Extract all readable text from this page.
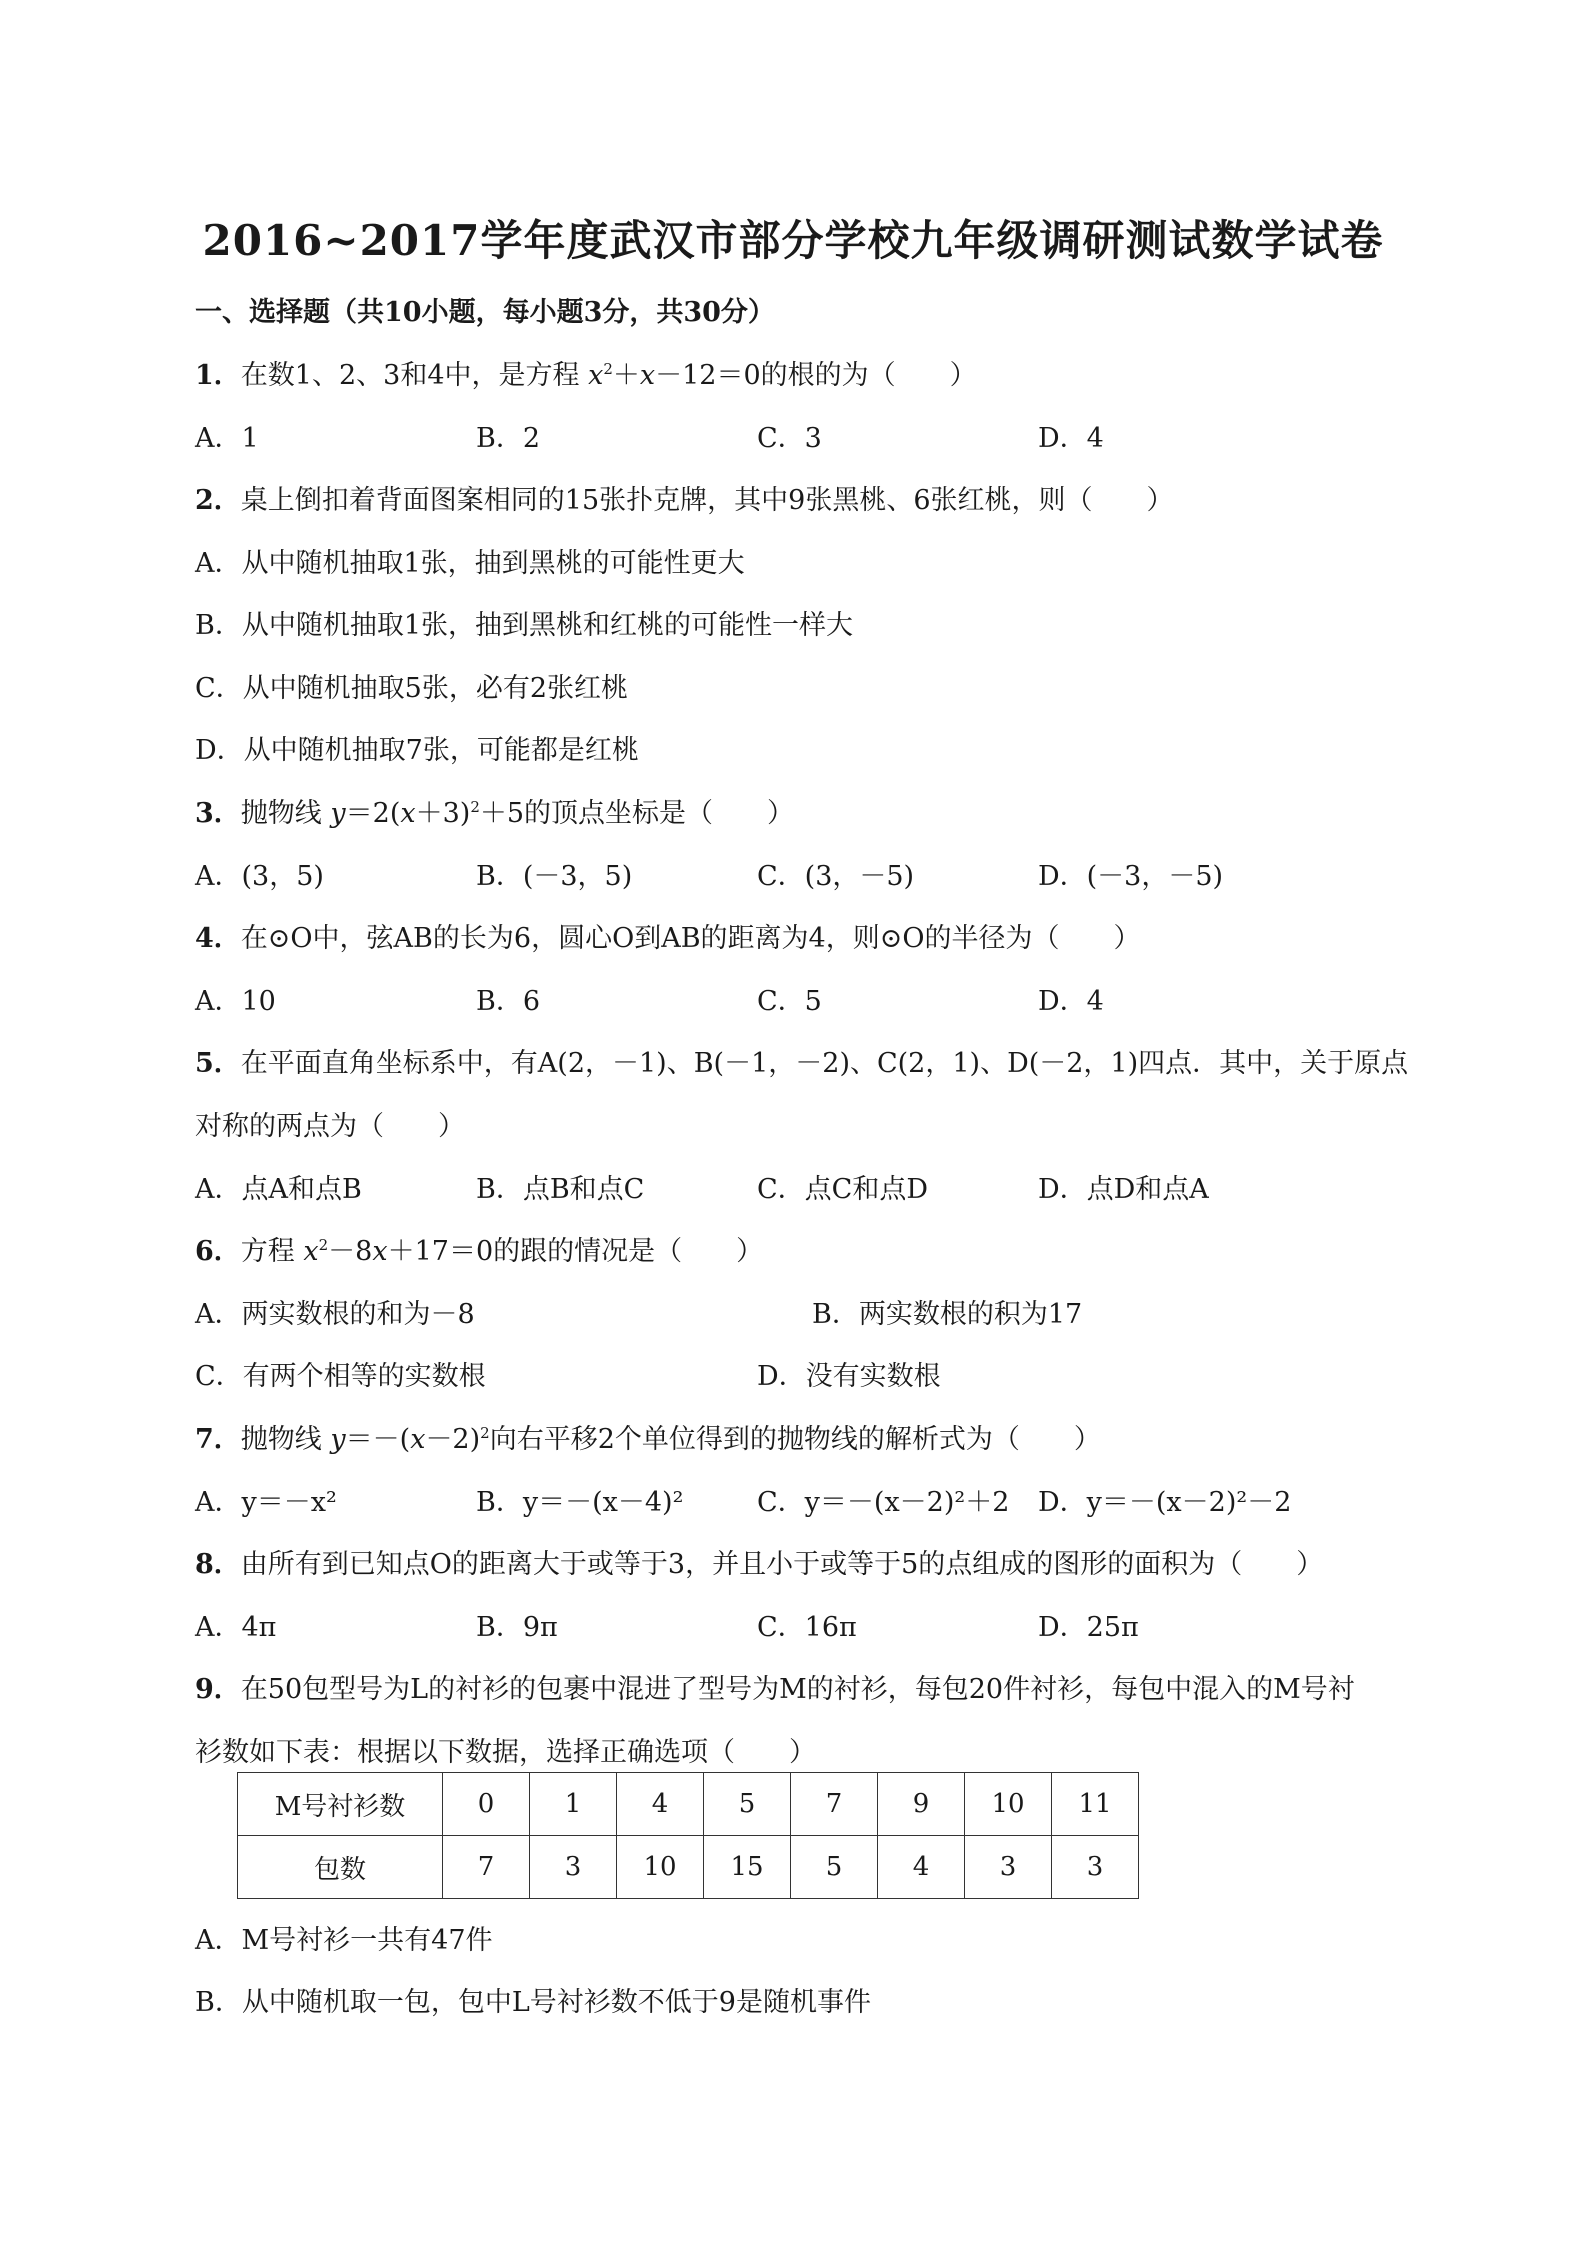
2016~2017学年度武汉市部分学校九年级调研测试数学试卷
一、选择题（共10小题，每小题3分，共30分）
1．在数1、2、3和4中，是方程 $x^2+x-12=0$的根的为（　　）
A．1	B．2	C．3	D．4
2．桌上倒扣着背面图案相同的15张扑克牌，其中9张黑桃、6张红桃，则（　　）
A．从中随机抽取1张，抽到黑桃的可能性更大
B．从中随机抽取1张，抽到黑桃和红桃的可能性一样大
C．从中随机抽取5张，必有2张红桃
D．从中随机抽取7张，可能都是红桃
3．抛物线 $y=2(x+3)^2+5$的顶点坐标是（　　）
A．(3，5)	B．(－3，5)	C．(3，－5)	D．(－3，－5)
4．在⊙O中，弦AB的长为6，圆心O到AB的距离为4，则⊙O的半径为（　　）
A．10	B．6	C．5	D．4
5．在平面直角坐标系中，有A(2，－1)、B(－1，－2)、C(2，1)、D(－2，1)四点．其中，关于原点
对称的两点为（　　）
A．点A和点B	B．点B和点C	C．点C和点D	D．点D和点A
6．方程 $x^2-8x+17=0$的跟的情况是（　　）
A．两实数根的和为－8	B．两实数根的积为17
C．有两个相等的实数根	D．没有实数根
7．抛物线 $y=-(x-2)^2$向右平移2个单位得到的抛物线的解析式为（　　）
A．y＝－x²	B．y＝－(x－4)²	C．y＝－(x－2)²＋2 D．y＝－(x－2)²－2
8．由所有到已知点O的距离大于或等于3，并且小于或等于5的点组成的图形的面积为（　　）
A．4π	B．9π	C．16π	D．25π
9．在50包型号为L的衬衫的包裹中混进了型号为M的衬衫，每包20件衬衫，每包中混入的M号衬
衫数如下表：根据以下数据，选择正确选项（　　）
M号衬衫数	0	1	4	5	7	9	10	11
包数	7	3	10	15	5	4	3	3
A．M号衬衫一共有47件
B．从中随机取一包，包中L号衬衫数不低于9是随机事件
